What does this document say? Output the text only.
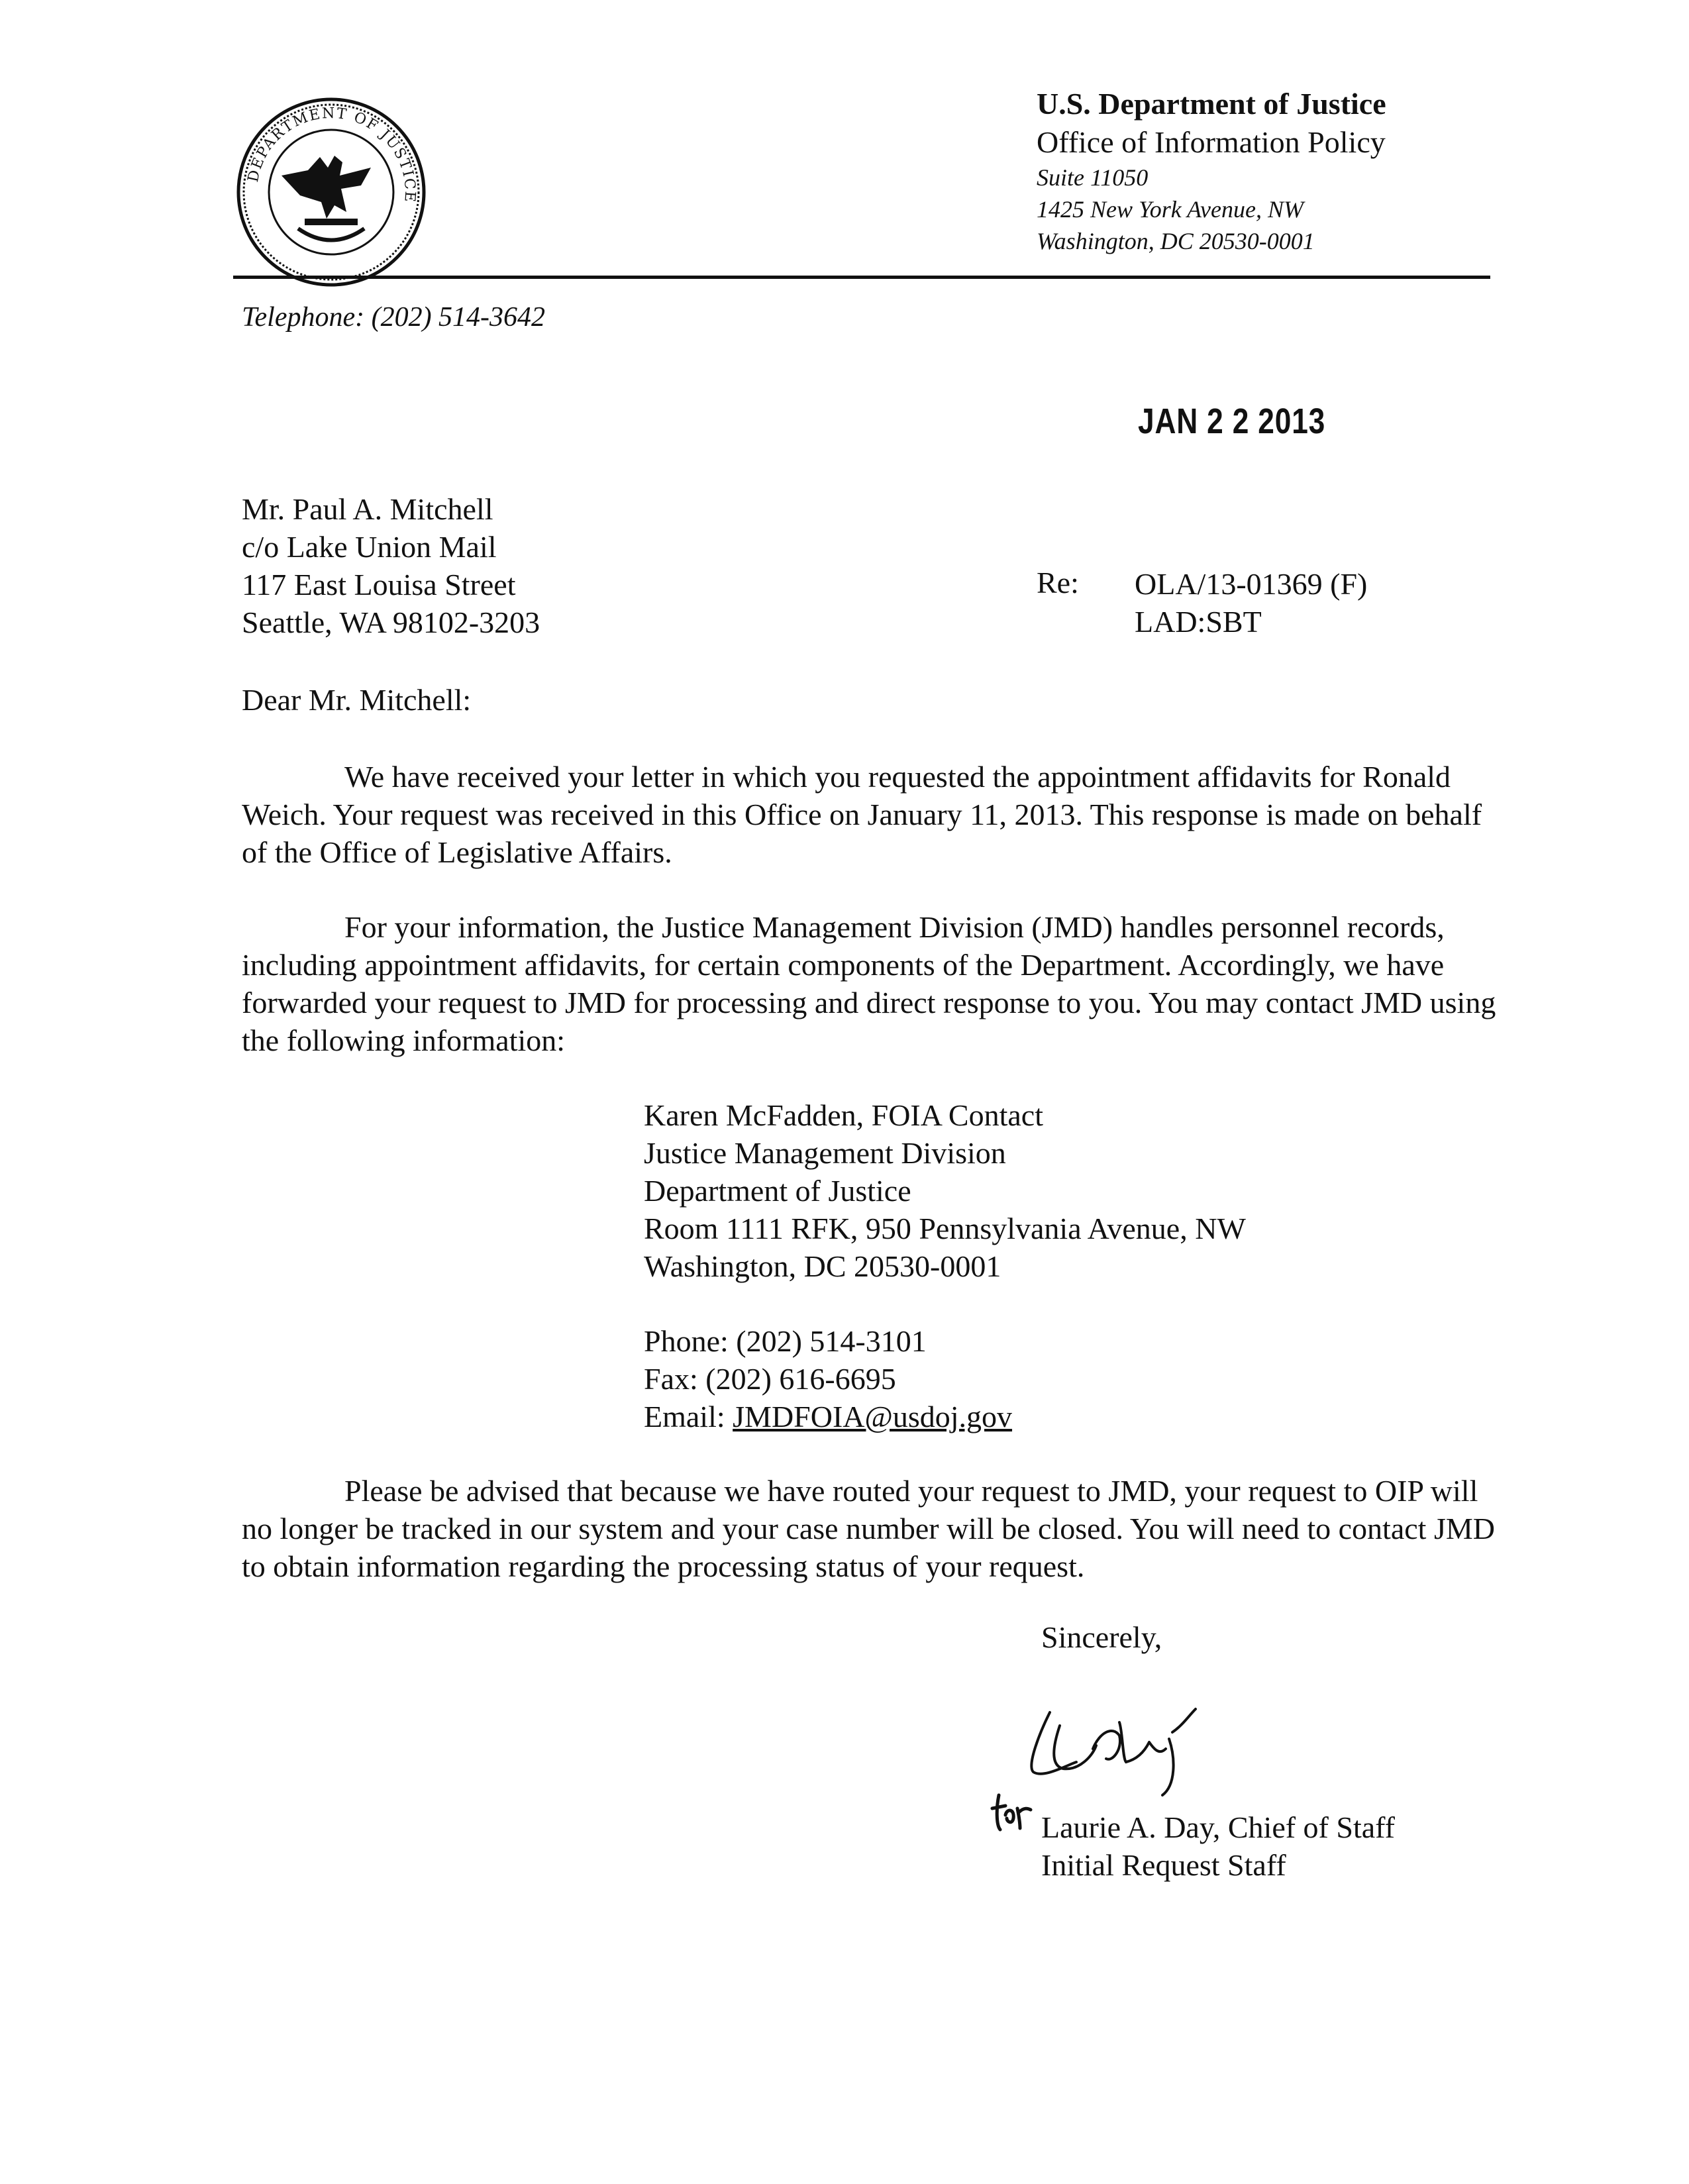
DEPARTMENT OF JUSTICE
U.S. Department of Justice
Office of Information Policy
Suite 11050
1425 New York Avenue, NW
Washington, DC 20530-0001
Telephone: (202) 514-3642
JAN 2 2 2013
Mr. Paul A. Mitchell
c/o Lake Union Mail
117 East Louisa Street
Seattle, WA 98102-3203
Re: OLA/13-01369 (F)
LAD:SBT
Dear Mr. Mitchell:

We have received your letter in which you requested the appointment affidavits for Ronald Weich. Your request was received in this Office on January 11, 2013. This response is made on behalf of the Office of Legislative Affairs.

For your information, the Justice Management Division (JMD) handles personnel records, including appointment affidavits, for certain components of the Department. Accordingly, we have forwarded your request to JMD for processing and direct response to you. You may contact JMD using the following information:

Karen McFadden, FOIA Contact
Justice Management Division
Department of Justice
Room 1111 RFK, 950 Pennsylvania Avenue, NW
Washington, DC 20530-0001
Phone: (202) 514-3101
Fax: (202) 616-6695
Email: JMDFOIA@usdoj.gov

Please be advised that because we have routed your request to JMD, your request to OIP will no longer be tracked in our system and your case number will be closed. You will need to contact JMD to obtain information regarding the processing status of your request.

Sincerely,
Laurie A. Day, Chief of Staff
Initial Request Staff
